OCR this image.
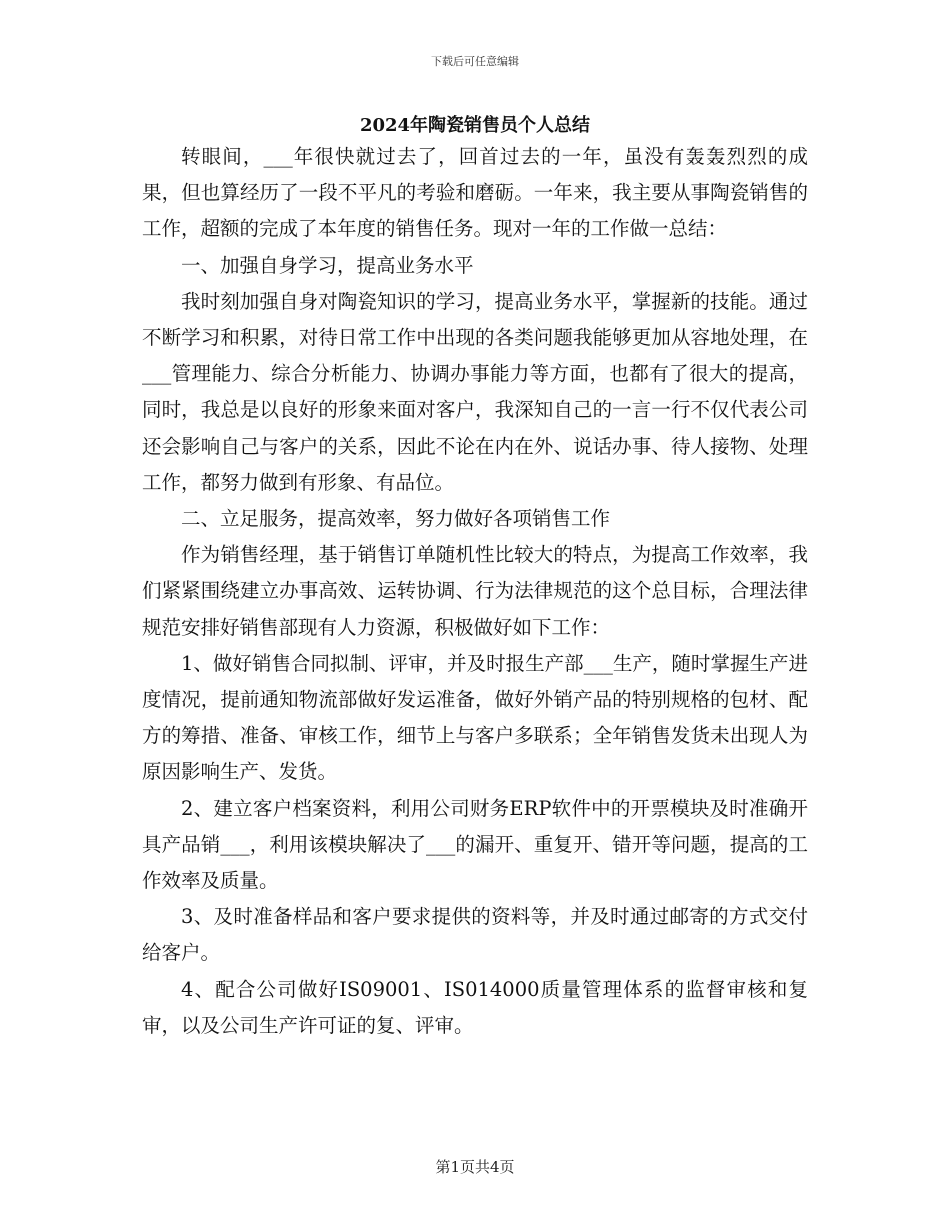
下载后可任意编辑
2024年陶瓷销售员个人总结

转眼间，___年很快就过去了，回首过去的一年，虽没有轰轰烈烈的成果，但也算经历了一段不平凡的考验和磨砺。一年来，我主要从事陶瓷销售的工作，超额的完成了本年度的销售任务。现对一年的工作做一总结：

一、加强自身学习，提高业务水平

我时刻加强自身对陶瓷知识的学习，提高业务水平，掌握新的技能。通过不断学习和积累，对待日常工作中出现的各类问题我能够更加从容地处理，在___管理能力、综合分析能力、协调办事能力等方面，也都有了很大的提高，同时，我总是以良好的形象来面对客户，我深知自己的一言一行不仅代表公司还会影响自己与客户的关系，因此不论在内在外、说话办事、待人接物、处理工作，都努力做到有形象、有品位。

二、立足服务，提高效率，努力做好各项销售工作

作为销售经理，基于销售订单随机性比较大的特点，为提高工作效率，我们紧紧围绕建立办事高效、运转协调、行为法律规范的这个总目标，合理法律规范安排好销售部现有人力资源，积极做好如下工作：

1、做好销售合同拟制、评审，并及时报生产部___生产，随时掌握生产进度情况，提前通知物流部做好发运准备，做好外销产品的特别规格的包材、配方的筹措、准备、审核工作，细节上与客户多联系；全年销售发货未出现人为原因影响生产、发货。

2、建立客户档案资料，利用公司财务ERP软件中的开票模块及时准确开具产品销___，利用该模块解决了___的漏开、重复开、错开等问题，提高的工作效率及质量。

3、及时准备样品和客户要求提供的资料等，并及时通过邮寄的方式交付给客户。

4、配合公司做好IS09001、IS014000质量管理体系的监督审核和复审，以及公司生产许可证的复、评审。

第1页共4页
